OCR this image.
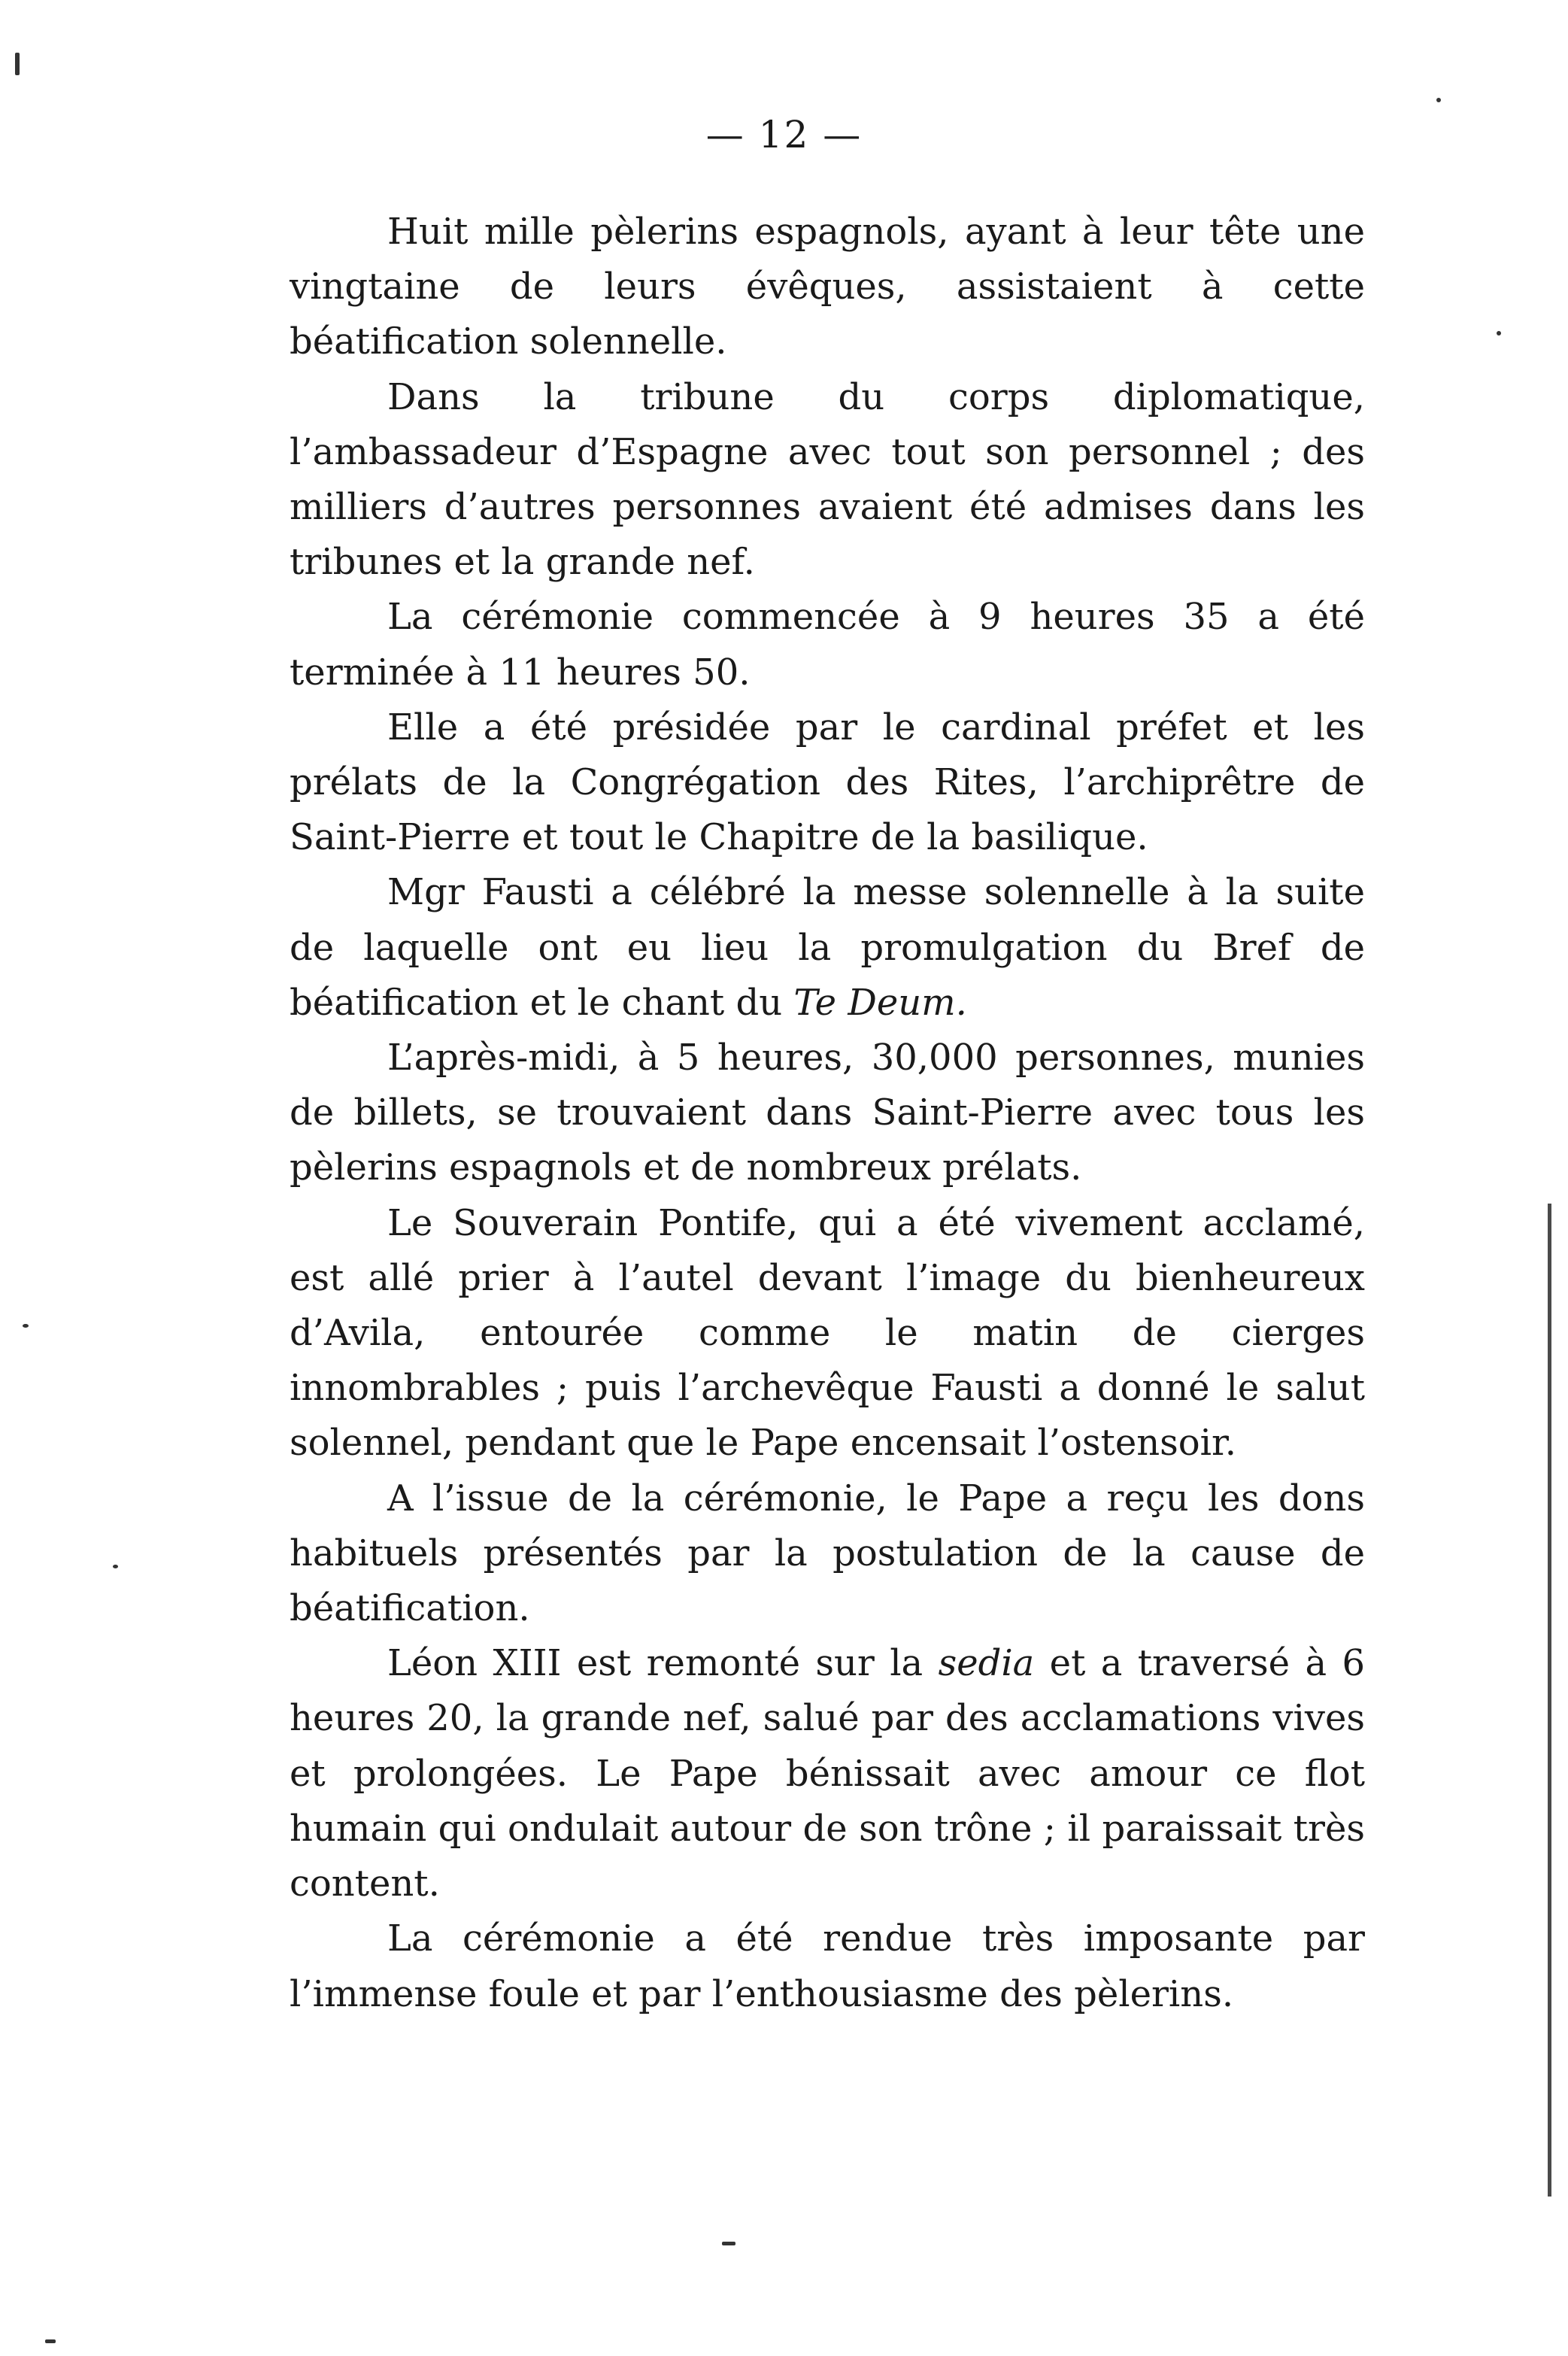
— 12 —

Huit mille pèlerins espagnols, ayant à leur tête une vingtaine de leurs évêques, assistaient à cette béatification solennelle.

Dans la tribune du corps diplomatique, l’ambassadeur d’Espagne avec tout son personnel ; des milliers d’autres personnes avaient été admises dans les tribunes et la grande nef.

La cérémonie commencée à 9 heures 35 a été terminée à 11 heures 50.

Elle a été présidée par le cardinal préfet et les prélats de la Congrégation des Rites, l’archiprêtre de Saint-Pierre et tout le Chapitre de la basilique.

Mgr Fausti a célébré la messe solennelle à la suite de laquelle ont eu lieu la promulgation du Bref de béatification et le chant du Te Deum.

L’après-midi, à 5 heures, 30,000 personnes, munies de billets, se trouvaient dans Saint-Pierre avec tous les pèlerins espagnols et de nombreux prélats.

Le Souverain Pontife, qui a été vivement acclamé, est allé prier à l’autel devant l’image du bienheureux d’Avila, entourée comme le matin de cierges innombrables ; puis l’archevêque Fausti a donné le salut solennel, pendant que le Pape encensait l’ostensoir.

A l’issue de la cérémonie, le Pape a reçu les dons habituels présentés par la postulation de la cause de béatification.

Léon XIII est remonté sur la sedia et a traversé à 6 heures 20, la grande nef, salué par des acclamations vives et prolongées. Le Pape bénissait avec amour ce flot humain qui ondulait autour de son trône ; il paraissait très content.

La cérémonie a été rendue très imposante par l’immense foule et par l’enthousiasme des pèlerins.
